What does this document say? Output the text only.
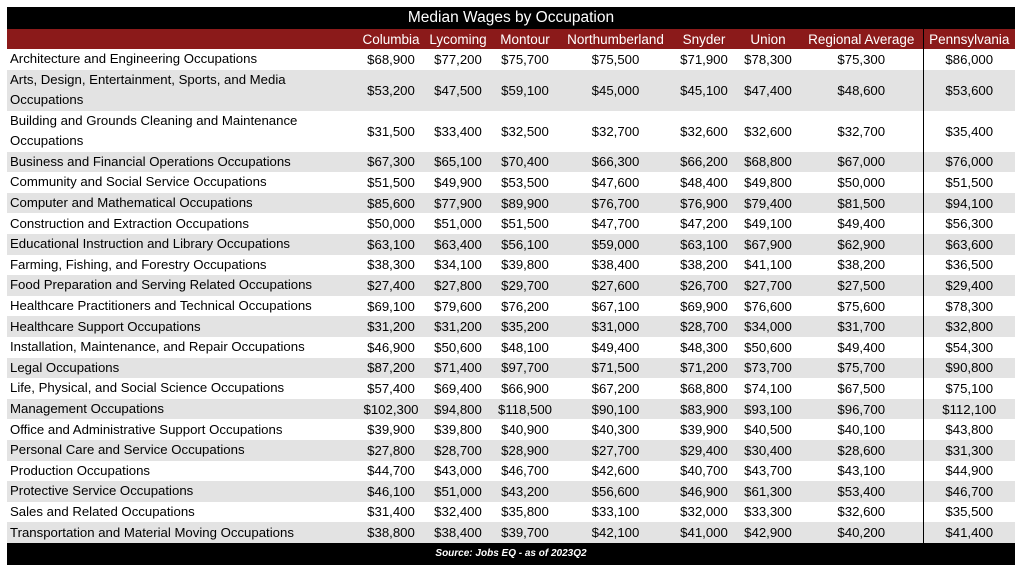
Median Wages by Occupation
	Columbia	Lycoming	Montour	Northumberland	Snyder	Union	Regional Average	Pennsylvania
Architecture and Engineering Occupations	$68,900	$77,200	$75,700	$75,500	$71,900	$78,300	$75,300	$86,000
Arts, Design, Entertainment, Sports, and Media Occupations	$53,200	$47,500	$59,100	$45,000	$45,100	$47,400	$48,600	$53,600
Building and Grounds Cleaning and Maintenance Occupations	$31,500	$33,400	$32,500	$32,700	$32,600	$32,600	$32,700	$35,400
Business and Financial Operations Occupations	$67,300	$65,100	$70,400	$66,300	$66,200	$68,800	$67,000	$76,000
Community and Social Service Occupations	$51,500	$49,900	$53,500	$47,600	$48,400	$49,800	$50,000	$51,500
Computer and Mathematical Occupations	$85,600	$77,900	$89,900	$76,700	$76,900	$79,400	$81,500	$94,100
Construction and Extraction Occupations	$50,000	$51,000	$51,500	$47,700	$47,200	$49,100	$49,400	$56,300
Educational Instruction and Library Occupations	$63,100	$63,400	$56,100	$59,000	$63,100	$67,900	$62,900	$63,600
Farming, Fishing, and Forestry Occupations	$38,300	$34,100	$39,800	$38,400	$38,200	$41,100	$38,200	$36,500
Food Preparation and Serving Related Occupations	$27,400	$27,800	$29,700	$27,600	$26,700	$27,700	$27,500	$29,400
Healthcare Practitioners and Technical Occupations	$69,100	$79,600	$76,200	$67,100	$69,900	$76,600	$75,600	$78,300
Healthcare Support Occupations	$31,200	$31,200	$35,200	$31,000	$28,700	$34,000	$31,700	$32,800
Installation, Maintenance, and Repair Occupations	$46,900	$50,600	$48,100	$49,400	$48,300	$50,600	$49,400	$54,300
Legal Occupations	$87,200	$71,400	$97,700	$71,500	$71,200	$73,700	$75,700	$90,800
Life, Physical, and Social Science Occupations	$57,400	$69,400	$66,900	$67,200	$68,800	$74,100	$67,500	$75,100
Management Occupations	$102,300	$94,800	$118,500	$90,100	$83,900	$93,100	$96,700	$112,100
Office and Administrative Support Occupations	$39,900	$39,800	$40,900	$40,300	$39,900	$40,500	$40,100	$43,800
Personal Care and Service Occupations	$27,800	$28,700	$28,900	$27,700	$29,400	$30,400	$28,600	$31,300
Production Occupations	$44,700	$43,000	$46,700	$42,600	$40,700	$43,700	$43,100	$44,900
Protective Service Occupations	$46,100	$51,000	$43,200	$56,600	$46,900	$61,300	$53,400	$46,700
Sales and Related Occupations	$31,400	$32,400	$35,800	$33,100	$32,000	$33,300	$32,600	$35,500
Transportation and Material Moving Occupations	$38,800	$38,400	$39,700	$42,100	$41,000	$42,900	$40,200	$41,400
Source: Jobs EQ - as of 2023Q2
